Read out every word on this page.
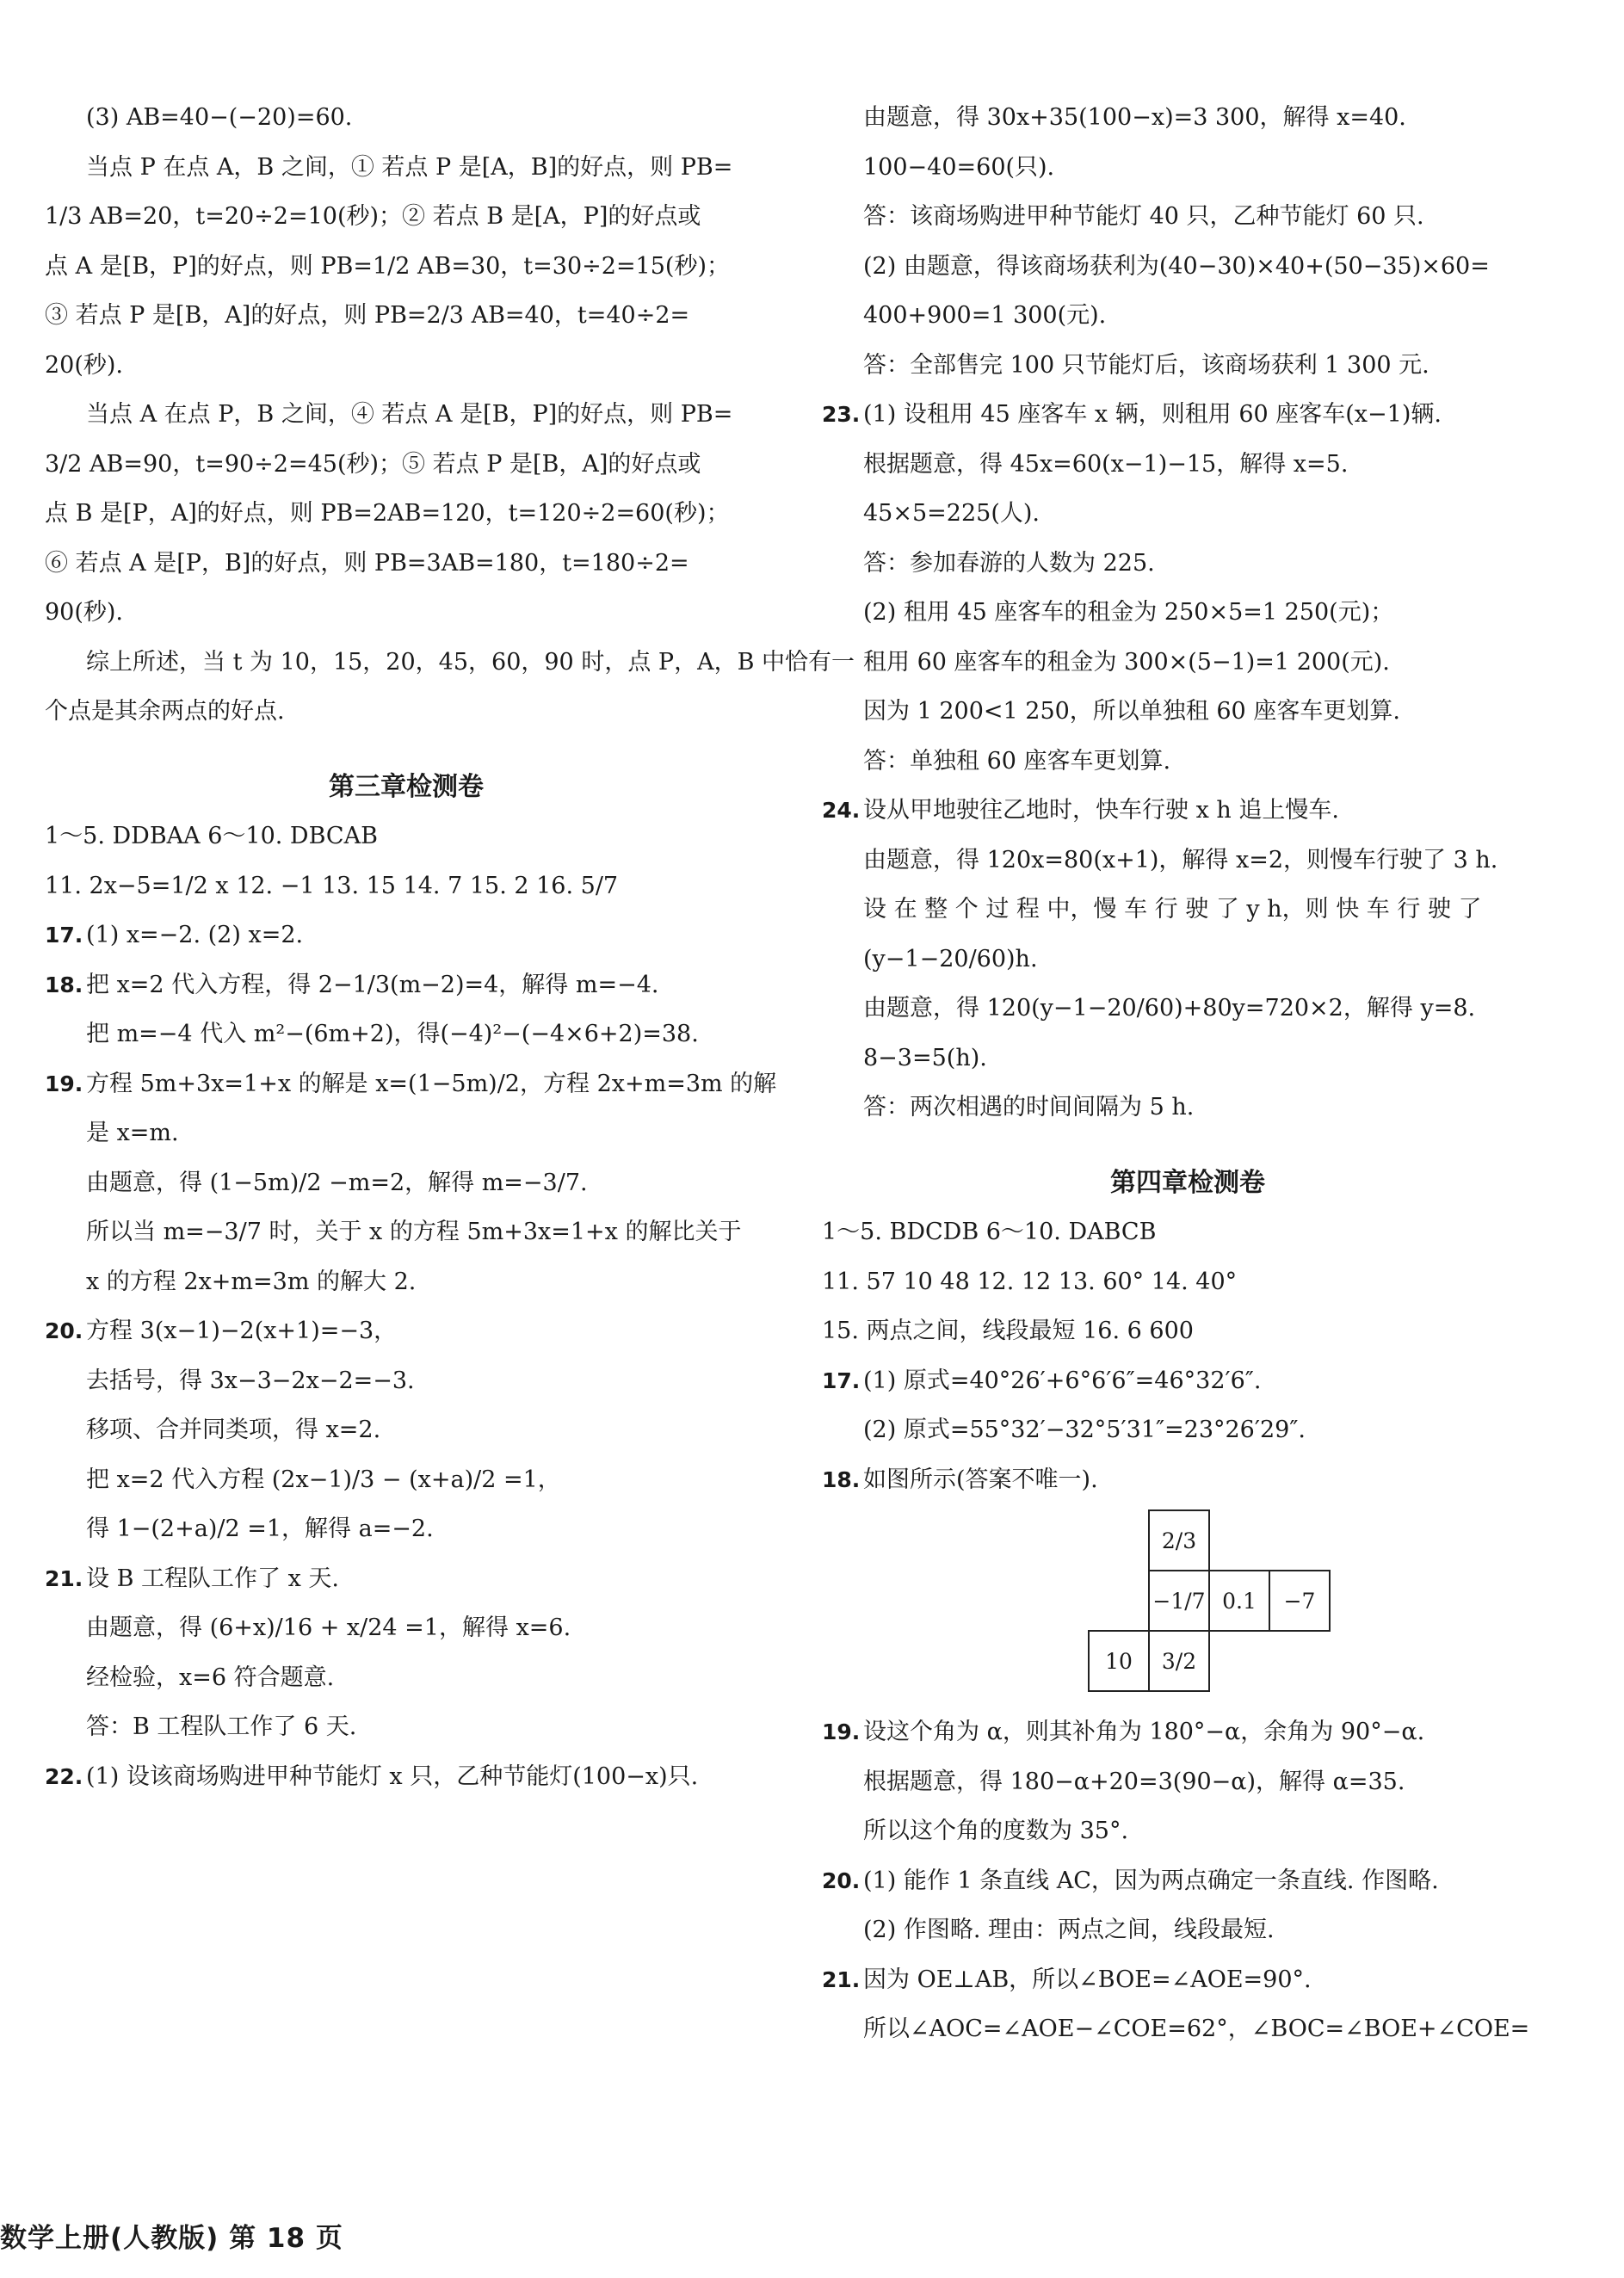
(3) AB=40−(−20)=60.
当点 P 在点 A，B 之间，① 若点 P 是[A，B]的好点，则 PB=
1/3 AB=20，t=20÷2=10(秒)；② 若点 B 是[A，P]的好点或
点 A 是[B，P]的好点，则 PB=1/2 AB=30，t=30÷2=15(秒)；
③ 若点 P 是[B，A]的好点，则 PB=2/3 AB=40，t=40÷2=
20(秒).
当点 A 在点 P，B 之间，④ 若点 A 是[B，P]的好点，则 PB=
3/2 AB=90，t=90÷2=45(秒)；⑤ 若点 P 是[B，A]的好点或
点 B 是[P，A]的好点，则 PB=2AB=120，t=120÷2=60(秒)；
⑥ 若点 A 是[P，B]的好点，则 PB=3AB=180，t=180÷2=
90(秒).
综上所述，当 t 为 10，15，20，45，60，90 时，点 P，A，B 中恰有一
个点是其余两点的好点.
第三章检测卷
1～5. DDBAA 6～10. DBCAB
11. 2x−5=1/2 x 12. −1 13. 15 14. 7 15. 2 16. 5/7
17. (1) x=−2. (2) x=2.
18. 把 x=2 代入方程，得 2−1/3(m−2)=4，解得 m=−4.
把 m=−4 代入 m²−(6m+2)，得(−4)²−(−4×6+2)=38.
19. 方程 5m+3x=1+x 的解是 x=(1−5m)/2，方程 2x+m=3m 的解
是 x=m.
由题意，得 (1−5m)/2 −m=2，解得 m=−3/7.
所以当 m=−3/7 时，关于 x 的方程 5m+3x=1+x 的解比关于
x 的方程 2x+m=3m 的解大 2.
20. 方程 3(x−1)−2(x+1)=−3，
去括号，得 3x−3−2x−2=−3.
移项、合并同类项，得 x=2.
把 x=2 代入方程 (2x−1)/3 − (x+a)/2 =1，
得 1−(2+a)/2 =1，解得 a=−2.
21. 设 B 工程队工作了 x 天.
由题意，得 (6+x)/16 + x/24 =1，解得 x=6.
经检验，x=6 符合题意.
答：B 工程队工作了 6 天.
22. (1) 设该商场购进甲种节能灯 x 只，乙种节能灯(100−x)只.
由题意，得 30x+35(100−x)=3 300，解得 x=40.
100−40=60(只).
答：该商场购进甲种节能灯 40 只，乙种节能灯 60 只.
(2) 由题意，得该商场获利为(40−30)×40+(50−35)×60=
400+900=1 300(元).
答：全部售完 100 只节能灯后，该商场获利 1 300 元.
23. (1) 设租用 45 座客车 x 辆，则租用 60 座客车(x−1)辆.
根据题意，得 45x=60(x−1)−15，解得 x=5.
45×5=225(人).
答：参加春游的人数为 225.
(2) 租用 45 座客车的租金为 250×5=1 250(元)；
租用 60 座客车的租金为 300×(5−1)=1 200(元).
因为 1 200<1 250，所以单独租 60 座客车更划算.
答：单独租 60 座客车更划算.
24. 设从甲地驶往乙地时，快车行驶 x h 追上慢车.
由题意，得 120x=80(x+1)，解得 x=2，则慢车行驶了 3 h.
设 在 整 个 过 程 中，慢 车 行 驶 了 y h，则 快 车 行 驶 了
(y−1−20/60)h.
由题意，得 120(y−1−20/60)+80y=720×2，解得 y=8.
8−3=5(h).
答：两次相遇的时间间隔为 5 h.
第四章检测卷
1～5. BDCDB 6～10. DABCB
11. 57 10 48 12. 12 13. 60° 14. 40°
15. 两点之间，线段最短 16. 6 600
17. (1) 原式=40°26′+6°6′6″=46°32′6″.
(2) 原式=55°32′−32°5′31″=23°26′29″.
18. 如图所示(答案不唯一).
2/3
−1/7 0.1	−7
10	3/2
19. 设这个角为 α，则其补角为 180°−α，余角为 90°−α.
根据题意，得 180−α+20=3(90−α)，解得 α=35.
所以这个角的度数为 35°.
20. (1) 能作 1 条直线 AC，因为两点确定一条直线. 作图略.
(2) 作图略. 理由：两点之间，线段最短.
21. 因为 OE⊥AB，所以∠BOE=∠AOE=90°.
所以∠AOC=∠AOE−∠COE=62°，∠BOC=∠BOE+∠COE=
数学上册(人教版) 第 18 页
